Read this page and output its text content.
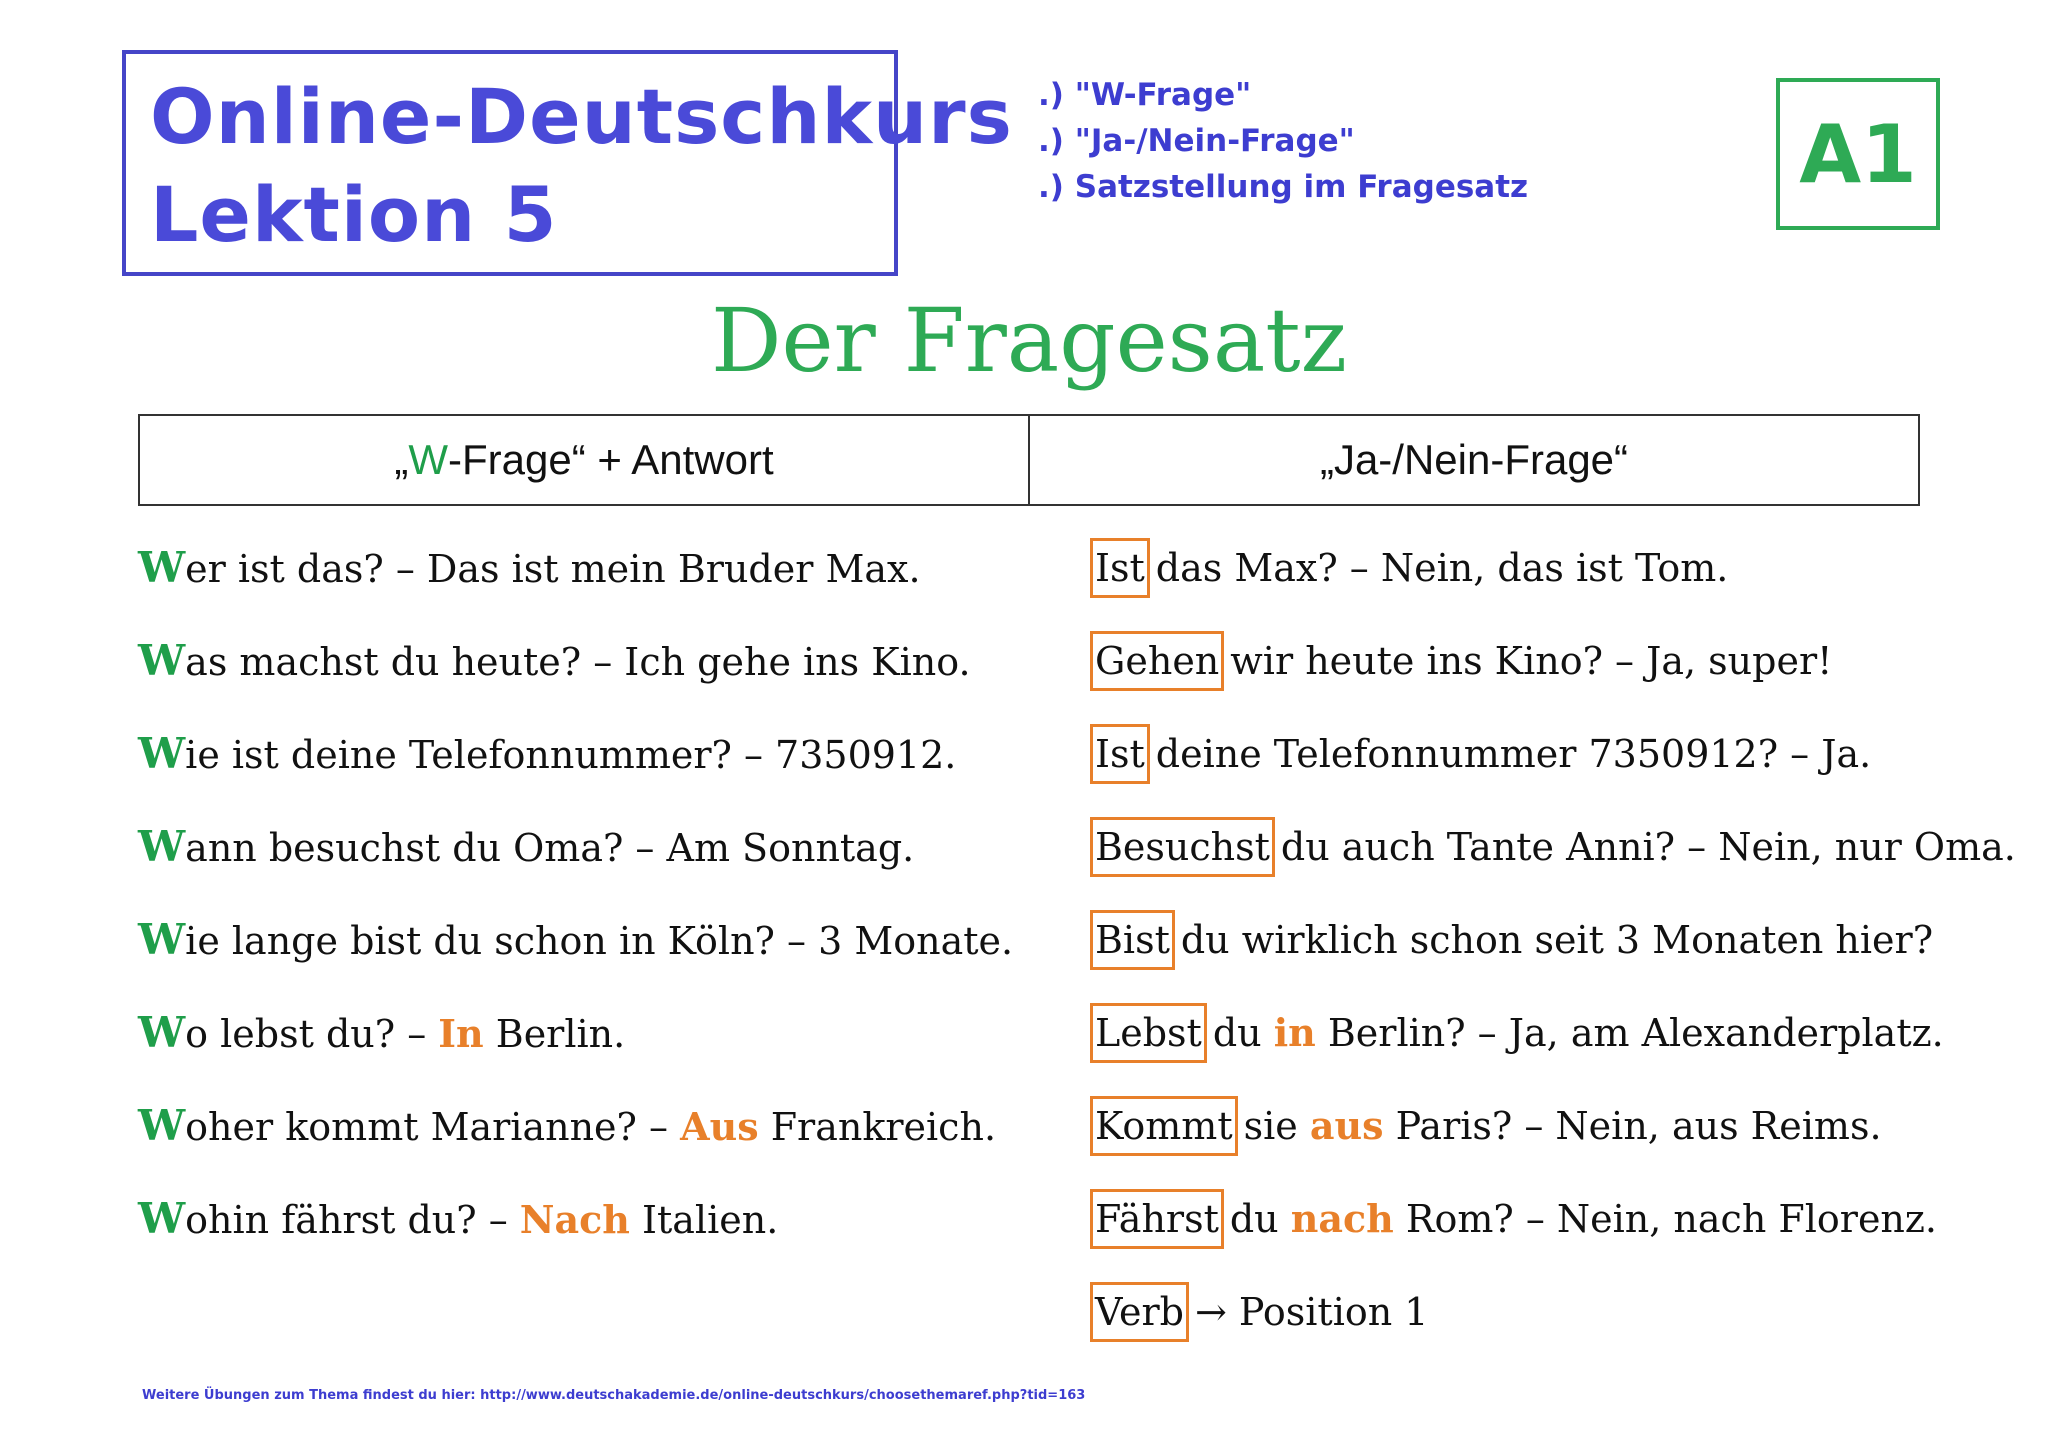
Online-Deutschkurs
Lektion 5
.) "W-Frage"
.) "Ja-/Nein-Frage"
.) Satzstellung im Fragesatz	A1
Der Fragesatz
„ W -Frage“ + Antwort	„Ja-/Nein-Frage“
Wer ist das? – Das ist mein Bruder Max.
Was machst du heute? – Ich gehe ins Kino.
Wie ist deine Telefonnummer? – 7350912.
Wann besuchst du Oma? – Am Sonntag.
Wie lange bist du schon in Köln? – 3 Monate.
Wo lebst du? – In Berlin.
Woher kommt Marianne? – Aus Frankreich.
Wohin fährst du? – Nach Italien.
Ist das Max? – Nein, das ist Tom.
Gehen wir heute ins Kino? – Ja, super!
Ist deine Telefonnummer 7350912? – Ja.
Besuchst du auch Tante Anni? – Nein, nur Oma.
Bist du wirklich schon seit 3 Monaten hier?
Lebst du in Berlin? – Ja, am Alexanderplatz.
Kommt sie aus Paris? – Nein, aus Reims.
Fährst du nach Rom? – Nein, nach Florenz.
Verb → Position 1
Weitere Übungen zum Thema findest du hier: http://www.deutschakademie.de/online-deutschkurs/choosethemaref.php?tid=163
